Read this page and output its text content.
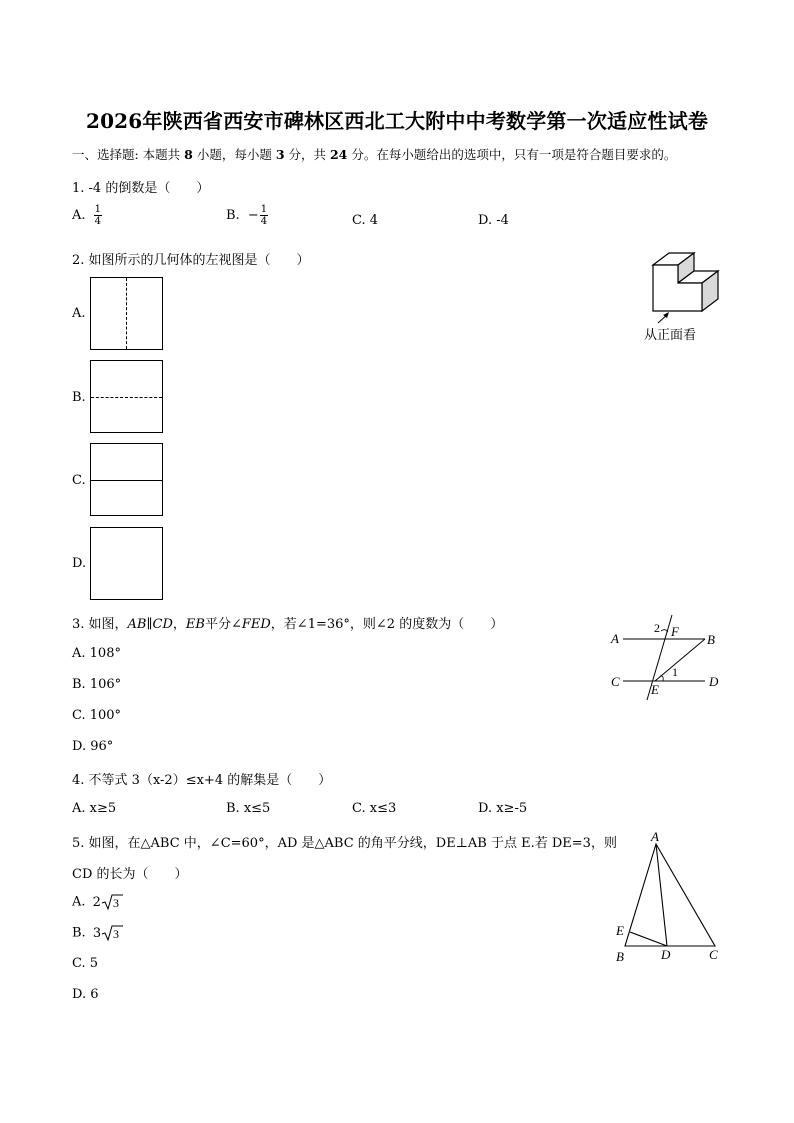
2026年陕西省西安市碑林区西北工大附中中考数学第一次适应性试卷
一、选择题: 本题共 8 小题，每小题 3 分，共 24 分。在每小题给出的选项中，只有一项是符合题目要求的。
1. -4 的倒数是（　　）
A. $\frac{1}{4}$	B. − $\frac{1}{4}$	C. 4	D. -4
2. 如图所示的几何体的左视图是（　　）
A.
B.
C.
D.
从正面看
3. 如图，AB∥CD，EB平分∠FED，若∠1=36°，则∠2 的度数为（　　）
A. 108°
B. 106°
C. 100°
D. 96°
A	B
C	D
E
F
2
1
4. 不等式 3（x-2）≤x+4 的解集是（　　）
A. x≥5	B. x≤5	C. x≤3	D. x≥-5
5. 如图，在△ABC 中，∠C=60°，AD 是△ABC 的角平分线，DE⊥AB 于点 E.若 DE=3，则
CD 的长为（　　）
A. 2 3
B. 3 3
C. 5
D. 6
A
E
B	D	C
